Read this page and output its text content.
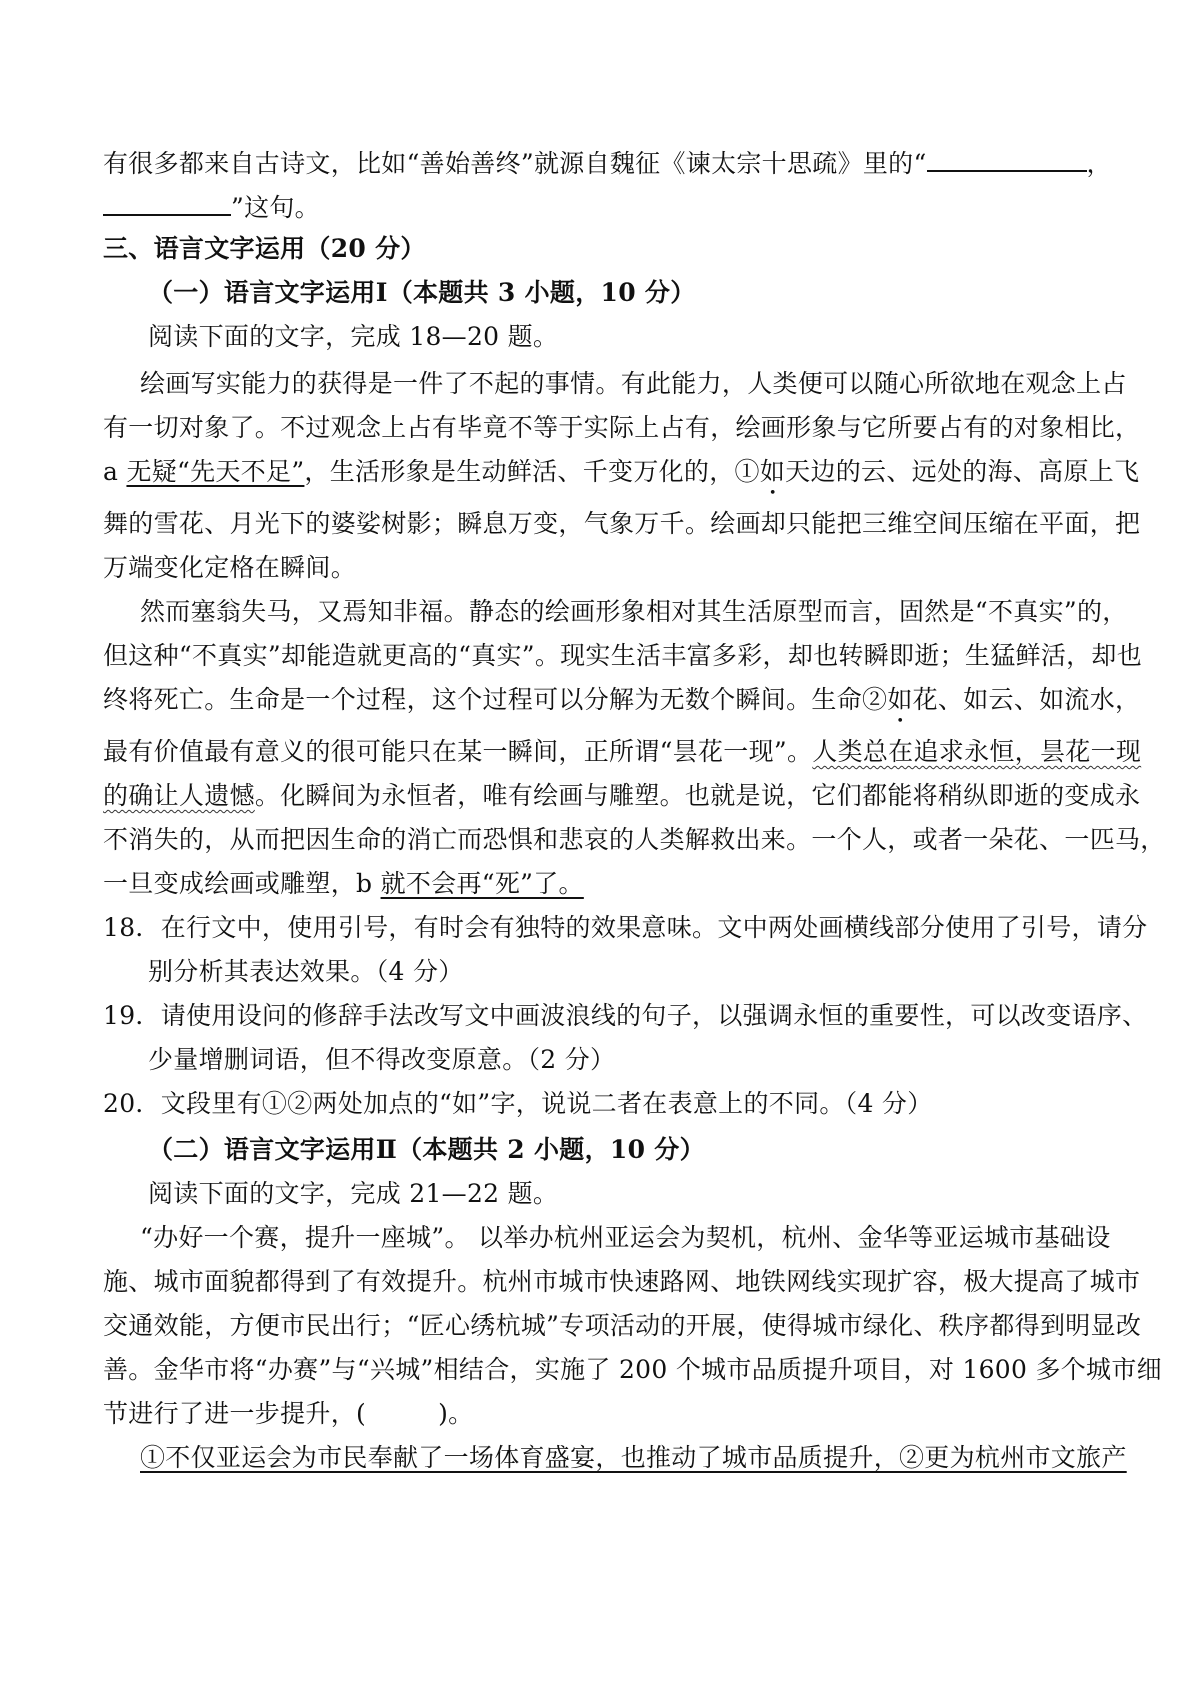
有很多都来自古诗文，比如“善始善终”就源自魏征《谏太宗十思疏》里的“	，
”这句。
三、语言文字运用（20 分）
（一）语言文字运用Ⅰ（本题共 3 小题，10 分）
阅读下面的文字，完成 18—20 题。
绘画写实能力的获得是一件了不起的事情。有此能力，人类便可以随心所欲地在观念上占
有一切对象了。不过观念上占有毕竟不等于实际上占有，绘画形象与它所要占有的对象相比，
a 无疑“先天不足”，生活形象是生动鲜活、千变万化的，①如天边的云、远处的海、高原上飞
舞的雪花、月光下的婆娑树影；瞬息万变，气象万千。绘画却只能把三维空间压缩在平面，把
万端变化定格在瞬间。
然而塞翁失马，又焉知非福。静态的绘画形象相对其生活原型而言，固然是“不真实”的，
但这种“不真实”却能造就更高的“真实”。现实生活丰富多彩，却也转瞬即逝；生猛鲜活，却也
终将死亡。生命是一个过程，这个过程可以分解为无数个瞬间。生命②如花、如云、如流水，
最有价值最有意义的很可能只在某一瞬间，正所谓“昙花一现”。人类总在追求永恒，昙花一现
的确让人遗憾。化瞬间为永恒者，唯有绘画与雕塑。也就是说，它们都能将稍纵即逝的变成永
不消失的，从而把因生命的消亡而恐惧和悲哀的人类解救出来。一个人，或者一朵花、一匹马，
一旦变成绘画或雕塑，b 就不会再“死”了。
18．在行文中，使用引号，有时会有独特的效果意味。文中两处画横线部分使用了引号，请分
别分析其表达效果。（4 分）
19．请使用设问的修辞手法改写文中画波浪线的句子，以强调永恒的重要性，可以改变语序、
少量增删词语，但不得改变原意。（2 分）
20．文段里有①②两处加点的“如”字，说说二者在表意上的不同。（4 分）
（二）语言文字运用Ⅱ（本题共 2 小题，10 分）
阅读下面的文字，完成 21—22 题。
“办好一个赛，提升一座城”。 以举办杭州亚运会为契机，杭州、金华等亚运城市基础设
施、城市面貌都得到了有效提升。杭州市城市快速路网、地铁网线实现扩容，极大提高了城市
交通效能，方便市民出行；“匠心绣杭城”专项活动的开展，使得城市绿化、秩序都得到明显改
善。金华市将“办赛”与“兴城”相结合，实施了 200 个城市品质提升项目，对 1600 多个城市细
节进行了进一步提升，(	)。
①不仅亚运会为市民奉献了一场体育盛宴，也推动了城市品质提升，②更为杭州市文旅产
